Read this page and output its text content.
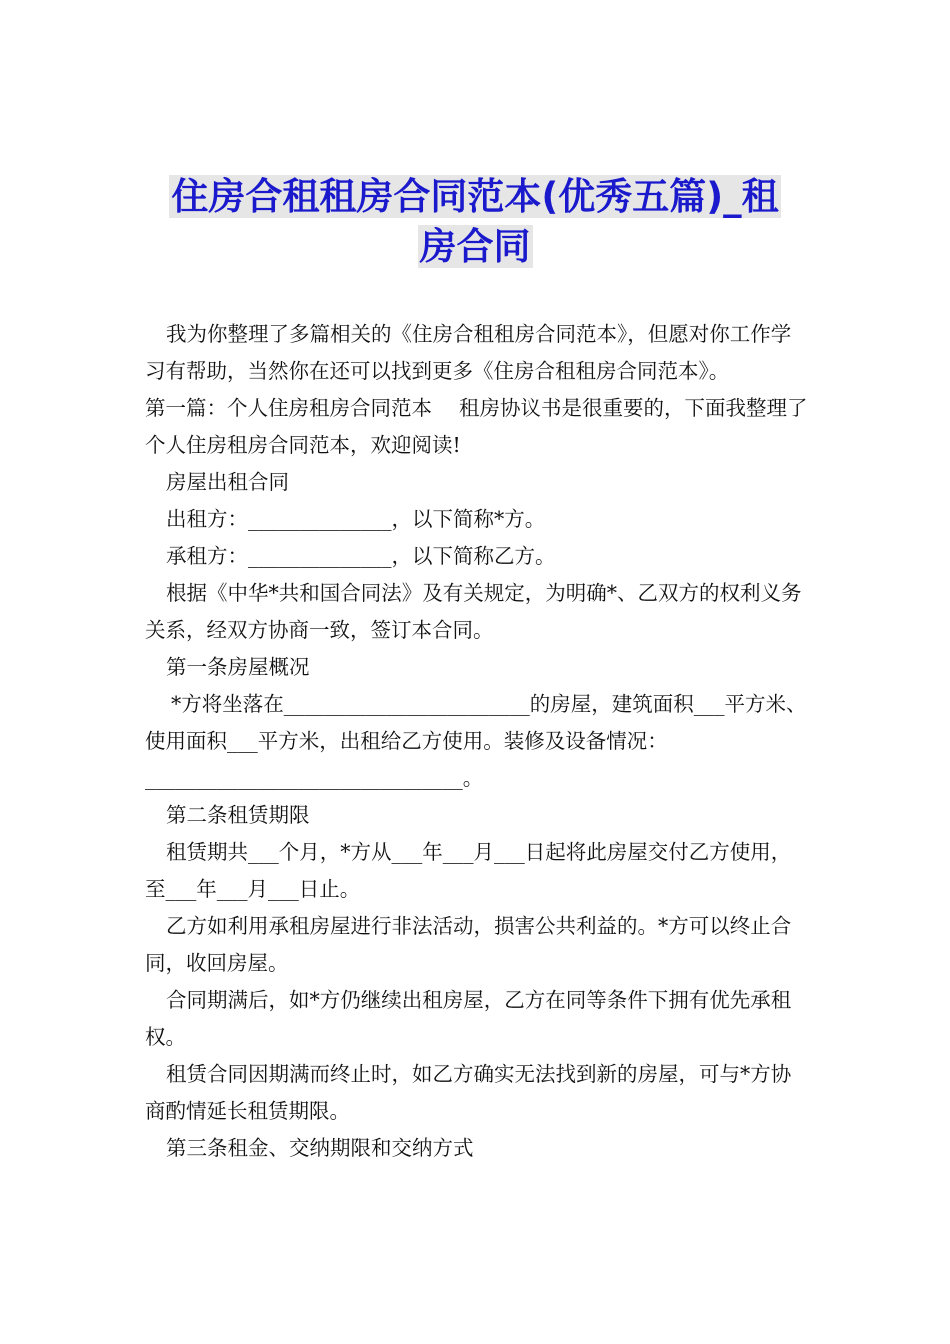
住房合租租房合同范本(优秀五篇)_租
房合同

我为你整理了多篇相关的《住房合租租房合同范本》，但愿对你工作学习有帮助，当然你在还可以找到更多《住房合租租房合同范本》。

第一篇：个人住房租房合同范本　 租房协议书是很重要的，下面我整理了个人住房租房合同范本，欢迎阅读!

房屋出租合同

出租方：______________，以下简称*方。

承租方：______________，以下简称乙方。

根据《中华*共和国合同法》及有关规定，为明确*、乙双方的权利义务关系，经双方协商一致，签订本合同。

第一条房屋概况

*方将坐落在________________________的房屋，建筑面积___平方米、使用面积___平方米，出租给乙方使用。装修及设备情况：_______________________________。

第二条租赁期限

租赁期共___个月，*方从___年___月___日起将此房屋交付乙方使用，至___年___月___日止。

乙方如利用承租房屋进行非法活动，损害公共利益的。*方可以终止合同，收回房屋。

合同期满后，如*方仍继续出租房屋，乙方在同等条件下拥有优先承租权。

租赁合同因期满而终止时，如乙方确实无法找到新的房屋，可与*方协商酌情延长租赁期限。

第三条租金、交纳期限和交纳方式
